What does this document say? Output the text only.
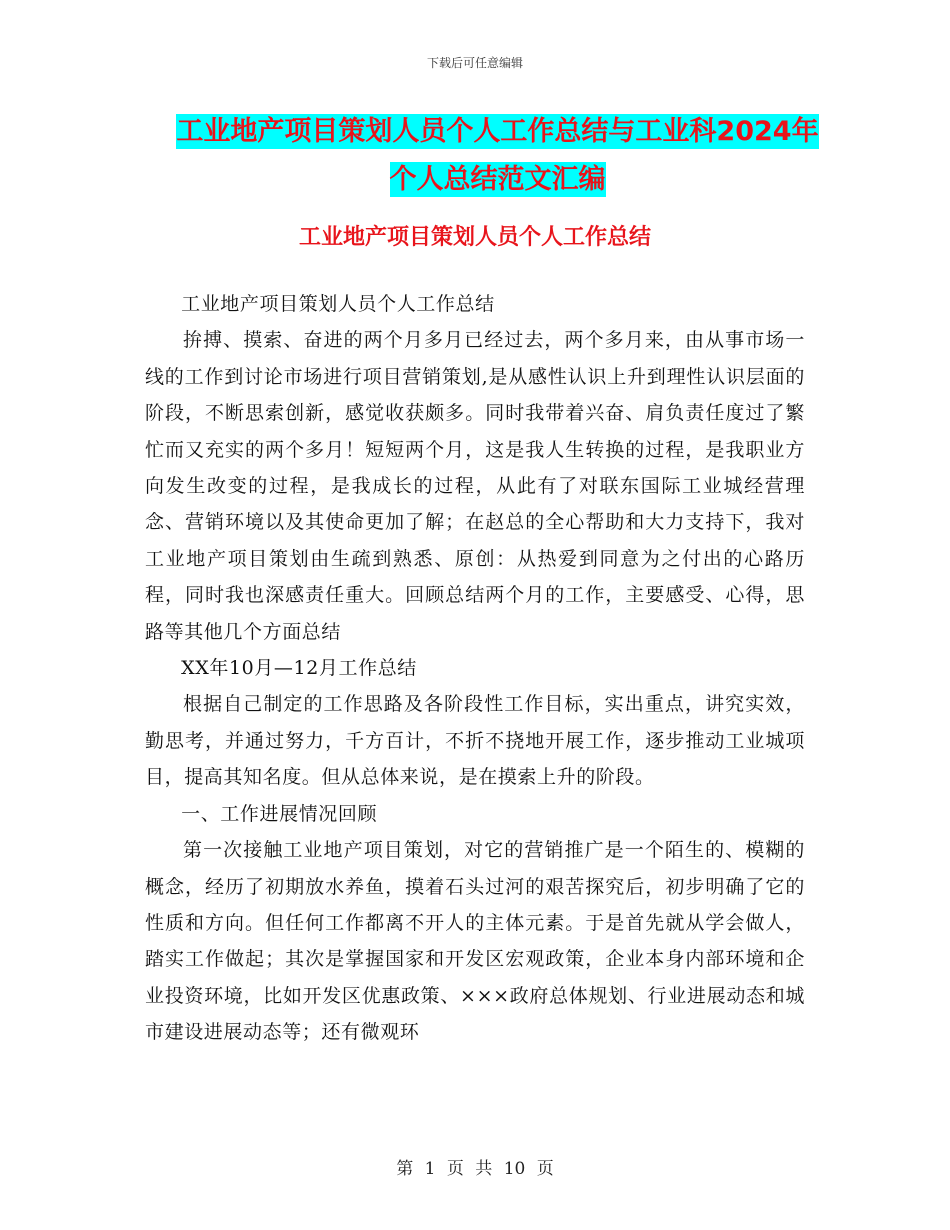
下载后可任意编辑
工业地产项目策划人员个人工作总结与工业科2024年
个人总结范文汇编
工业地产项目策划人员个人工作总结

工业地产项目策划人员个人工作总结

拚搏、摸索、奋进的两个月多月已经过去，两个多月来，由从事市场一线的工作到讨论市场进行项目营销策划,是从感性认识上升到理性认识层面的阶段，不断思索创新，感觉收获颇多。同时我带着兴奋、肩负责任度过了繁忙而又充实的两个多月！短短两个月，这是我人生转换的过程，是我职业方向发生改变的过程，是我成长的过程，从此有了对联东国际工业城经营理念、营销环境以及其使命更加了解；在赵总的全心帮助和大力支持下，我对工业地产项目策划由生疏到熟悉、原创：从热爱到同意为之付出的心路历程，同时我也深感责任重大。回顾总结两个月的工作，主要感受、心得，思路等其他几个方面总结

XX年10月—12月工作总结

根据自己制定的工作思路及各阶段性工作目标，实出重点，讲究实效，勤思考，并通过努力，千方百计，不折不挠地开展工作，逐步推动工业城项目，提高其知名度。但从总体来说，是在摸索上升的阶段。

一、工作进展情况回顾

第一次接触工业地产项目策划，对它的营销推广是一个陌生的、模糊的概念，经历了初期放水养鱼，摸着石头过河的艰苦探究后，初步明确了它的性质和方向。但任何工作都离不开人的主体元素。于是首先就从学会做人，踏实工作做起；其次是掌握国家和开发区宏观政策，企业本身内部环境和企业投资环境，比如开发区优惠政策、×××政府总体规划、行业进展动态和城市建设进展动态等；还有微观环

第 1 页 共 10 页
